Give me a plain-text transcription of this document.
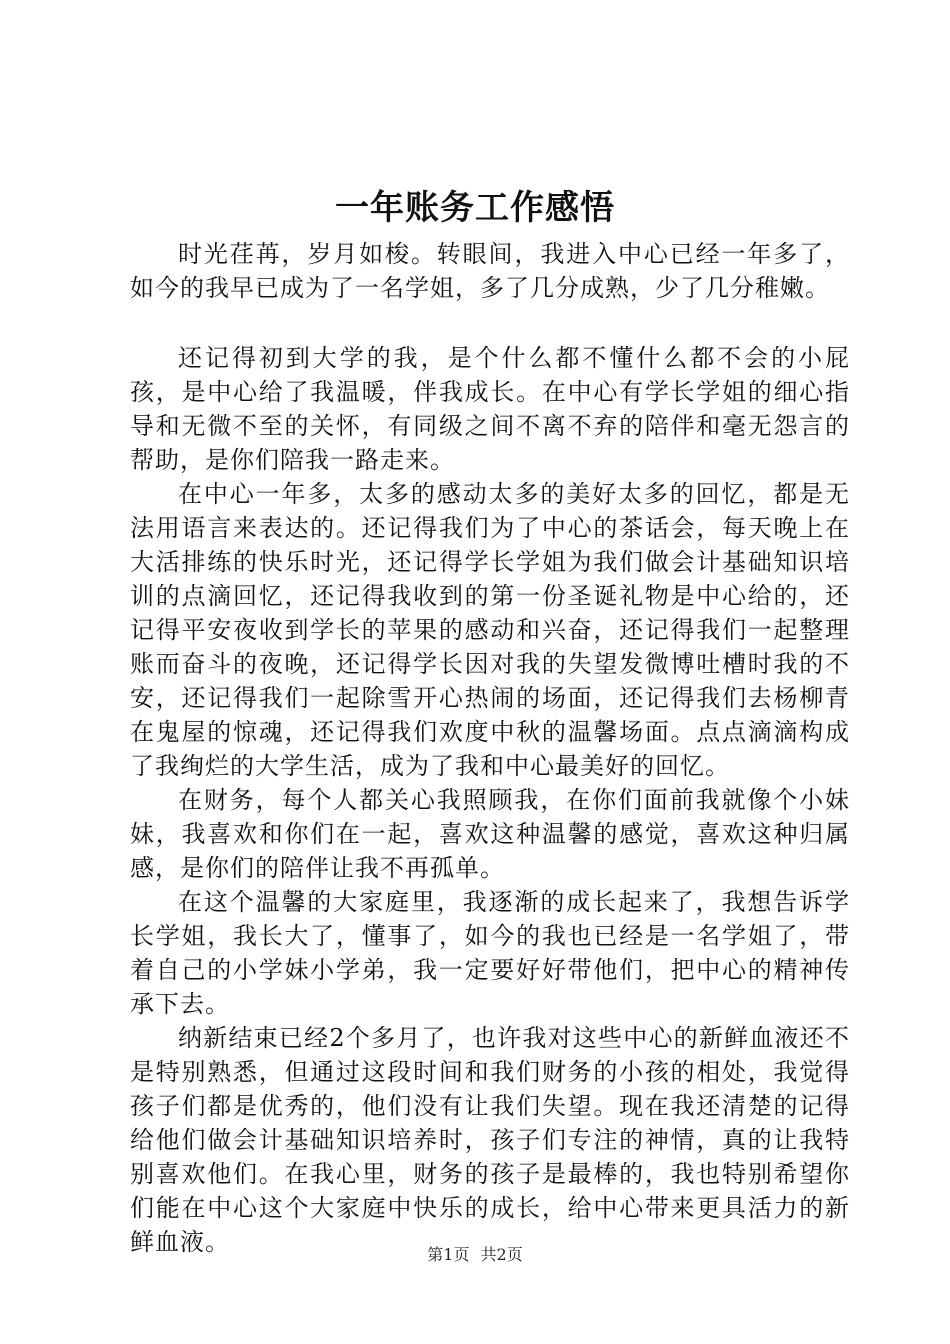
一年账务工作感悟

时光荏苒，岁月如梭。转眼间，我进入中心已经一年多了，如今的我早已成为了一名学姐，多了几分成熟，少了几分稚嫩。

还记得初到大学的我，是个什么都不懂什么都不会的小屁孩，是中心给了我温暖，伴我成长。在中心有学长学姐的细心指导和无微不至的关怀，有同级之间不离不弃的陪伴和毫无怨言的帮助，是你们陪我一路走来。

在中心一年多，太多的感动太多的美好太多的回忆，都是无法用语言来表达的。还记得我们为了中心的茶话会，每天晚上在大活排练的快乐时光，还记得学长学姐为我们做会计基础知识培训的点滴回忆，还记得我收到的第一份圣诞礼物是中心给的，还记得平安夜收到学长的苹果的感动和兴奋，还记得我们一起整理账而奋斗的夜晚，还记得学长因对我的失望发微博吐槽时我的不安，还记得我们一起除雪开心热闹的场面，还记得我们去杨柳青在鬼屋的惊魂，还记得我们欢度中秋的温馨场面。点点滴滴构成了我绚烂的大学生活，成为了我和中心最美好的回忆。

在财务，每个人都关心我照顾我，在你们面前我就像个小妹妹，我喜欢和你们在一起，喜欢这种温馨的感觉，喜欢这种归属感，是你们的陪伴让我不再孤单。

在这个温馨的大家庭里，我逐渐的成长起来了，我想告诉学长学姐，我长大了，懂事了，如今的我也已经是一名学姐了，带着自己的小学妹小学弟，我一定要好好带他们，把中心的精神传承下去。

纳新结束已经2个多月了，也许我对这些中心的新鲜血液还不是特别熟悉，但通过这段时间和我们财务的小孩的相处，我觉得孩子们都是优秀的，他们没有让我们失望。现在我还清楚的记得给他们做会计基础知识培养时，孩子们专注的神情，真的让我特别喜欢他们。在我心里，财务的孩子是最棒的，我也特别希望你们能在中心这个大家庭中快乐的成长，给中心带来更具活力的新鲜血液。	第1页 共2页
